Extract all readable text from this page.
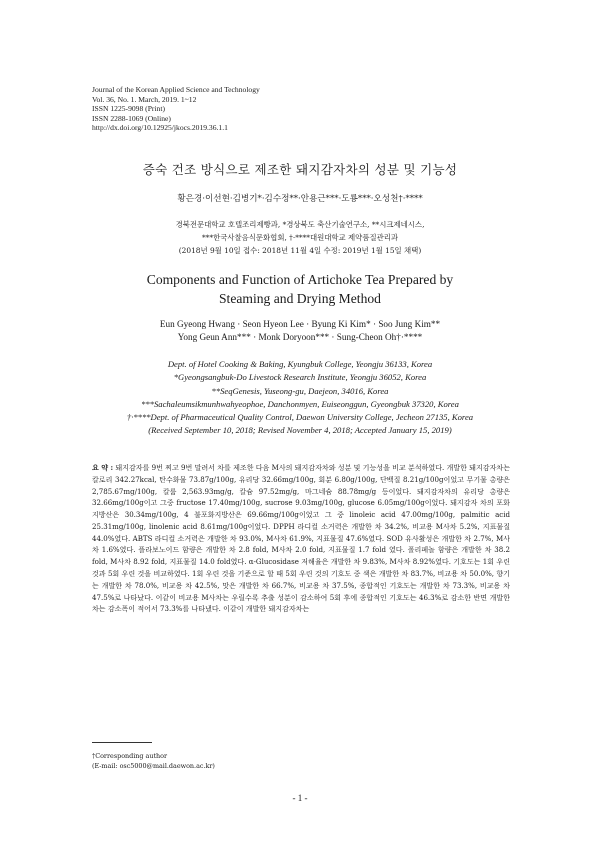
Journal of the Korean Applied Science and Technology
Vol. 36, No. 1. March, 2019. 1~12
ISSN 1225-9098 (Print)
ISSN 2288-1069 (Online)
http://dx.doi.org/10.12925/jkocs.2019.36.1.1
증숙 건조 방식으로 제조한 돼지감자차의 성분 및 기능성
황은경·이선현·김병기*·김수정**·안용근***·도룡***·오성천†·****
경북전문대학교 호텔조리제빵과, *경상북도 축산기술연구소, **시크제네시스,
***한국사찰음식문화협회, †·****대원대학교 제약품질관리과
(2018년 9월 10일 접수: 2018년 11월 4일 수정: 2019년 1월 15일 채택)
Components and Function of Artichoke Tea Prepared by
Steaming and Drying Method
Eun Gyeong Hwang · Seon Hyeon Lee · Byung Ki Kim* · Soo Jung Kim**
Yong Geun Ann*** · Monk Doryoon*** · Sung-Cheon Oh†·****
Dept. of Hotel Cooking & Baking, Kyungbuk College, Yeongju 36133, Korea
*Gyeongsangbuk-Do Livestock Research Institute, Yeongju 36052, Korea
**SeqGenesis, Yuseong-gu, Daejeon, 34016, Korea
***Sachaleumsikmunhwahyeophoe, Danchonmyen, Euiseonggun, Gyeongbuk 37320, Korea
†·****Dept. of Pharmaceutical Quality Control, Daewon University College, Jecheon 27135, Korea
(Received September 10, 2018; Revised November 4, 2018; Accepted January 15, 2019)
요 약 : 돼지감자를 9번 찌고 9번 말려서 차를 제조한 다음 M사의 돼지감자차와 성분 및 기능성을 비교 분석하였다. 개발한 돼지감자차는 칼로리 342.27kcal, 탄수화물 73.87g/100g, 유리당 32.66mg/100g, 회분 6.80g/100g, 단백질 8.21g/100g이었고 무기물 총량은 2,785.67mg/100g, 칼륨 2,563.93mg/g, 칼슘 97.52mg/g, 마그네슘 88.78mg/g 등이었다. 돼지감자차의 유리당 총량은 32.66mg/100g이고 그중 fructose 17.40mg/100g, sucrose 9.03mg/100g, glucose 6.05mg/100g이었다. 돼지감자 차의 포화지방산은 30.34mg/100g, 4 불포화지방산은 69.66mg/100g이었고 그 중 linoleic acid 47.00mg/100g, palmitic acid 25.31mg/100g, linolenic acid 8.61mg/100g이었다. DPPH 라디컬 소거력은 개발한 차 34.2%, 비교용 M사차 5.2%, 지표물질 44.0%였다. ABTS 라디컬 소거력은 개발한 차 93.0%, M사차 61.9%, 지표물질 47.6%였다. SOD 유사활성은 개발한 차 2.7%, M사차 1.6%였다. 플라보노이드 함량은 개발한 차 2.8 fold, M사차 2.0 fold, 지표물질 1.7 fold 였다. 폴리페놀 함량은 개발한 차 38.2 fold, M사차 8.92 fold, 지표물질 14.0 fold였다. α-Glucosidase 저해율은 개발한 차 9.83%, M사차 8.92%였다. 기호도는 1회 우린 것과 5회 우린 것을 비교하였다. 1회 우린 것을 기준으로 할 때 5회 우린 것의 기호도 중 색은 개발한 차 83.7%, 비교용 차 50.0%, 향기는 개발한 차 78.0%, 비교용 차 42.5%, 맛은 개발한 차 66.7%, 비교용 차 37.5%, 종합적인 기호도는 개발한 차 73.3%, 비교용 차 47.5%로 나타났다. 이같이 비교용 M사차는 우릴수록 추출 성분이 감소하여 5회 후에 종합적인 기호도는 46.3%로 감소한 반면 개발한 차는 감소폭이 적어서 73.3%를 나타냈다. 이같이 개발한 돼지감자차는
†Corresponding author
(E-mail: osc5000@mail.daewon.ac.kr)
- 1 -
